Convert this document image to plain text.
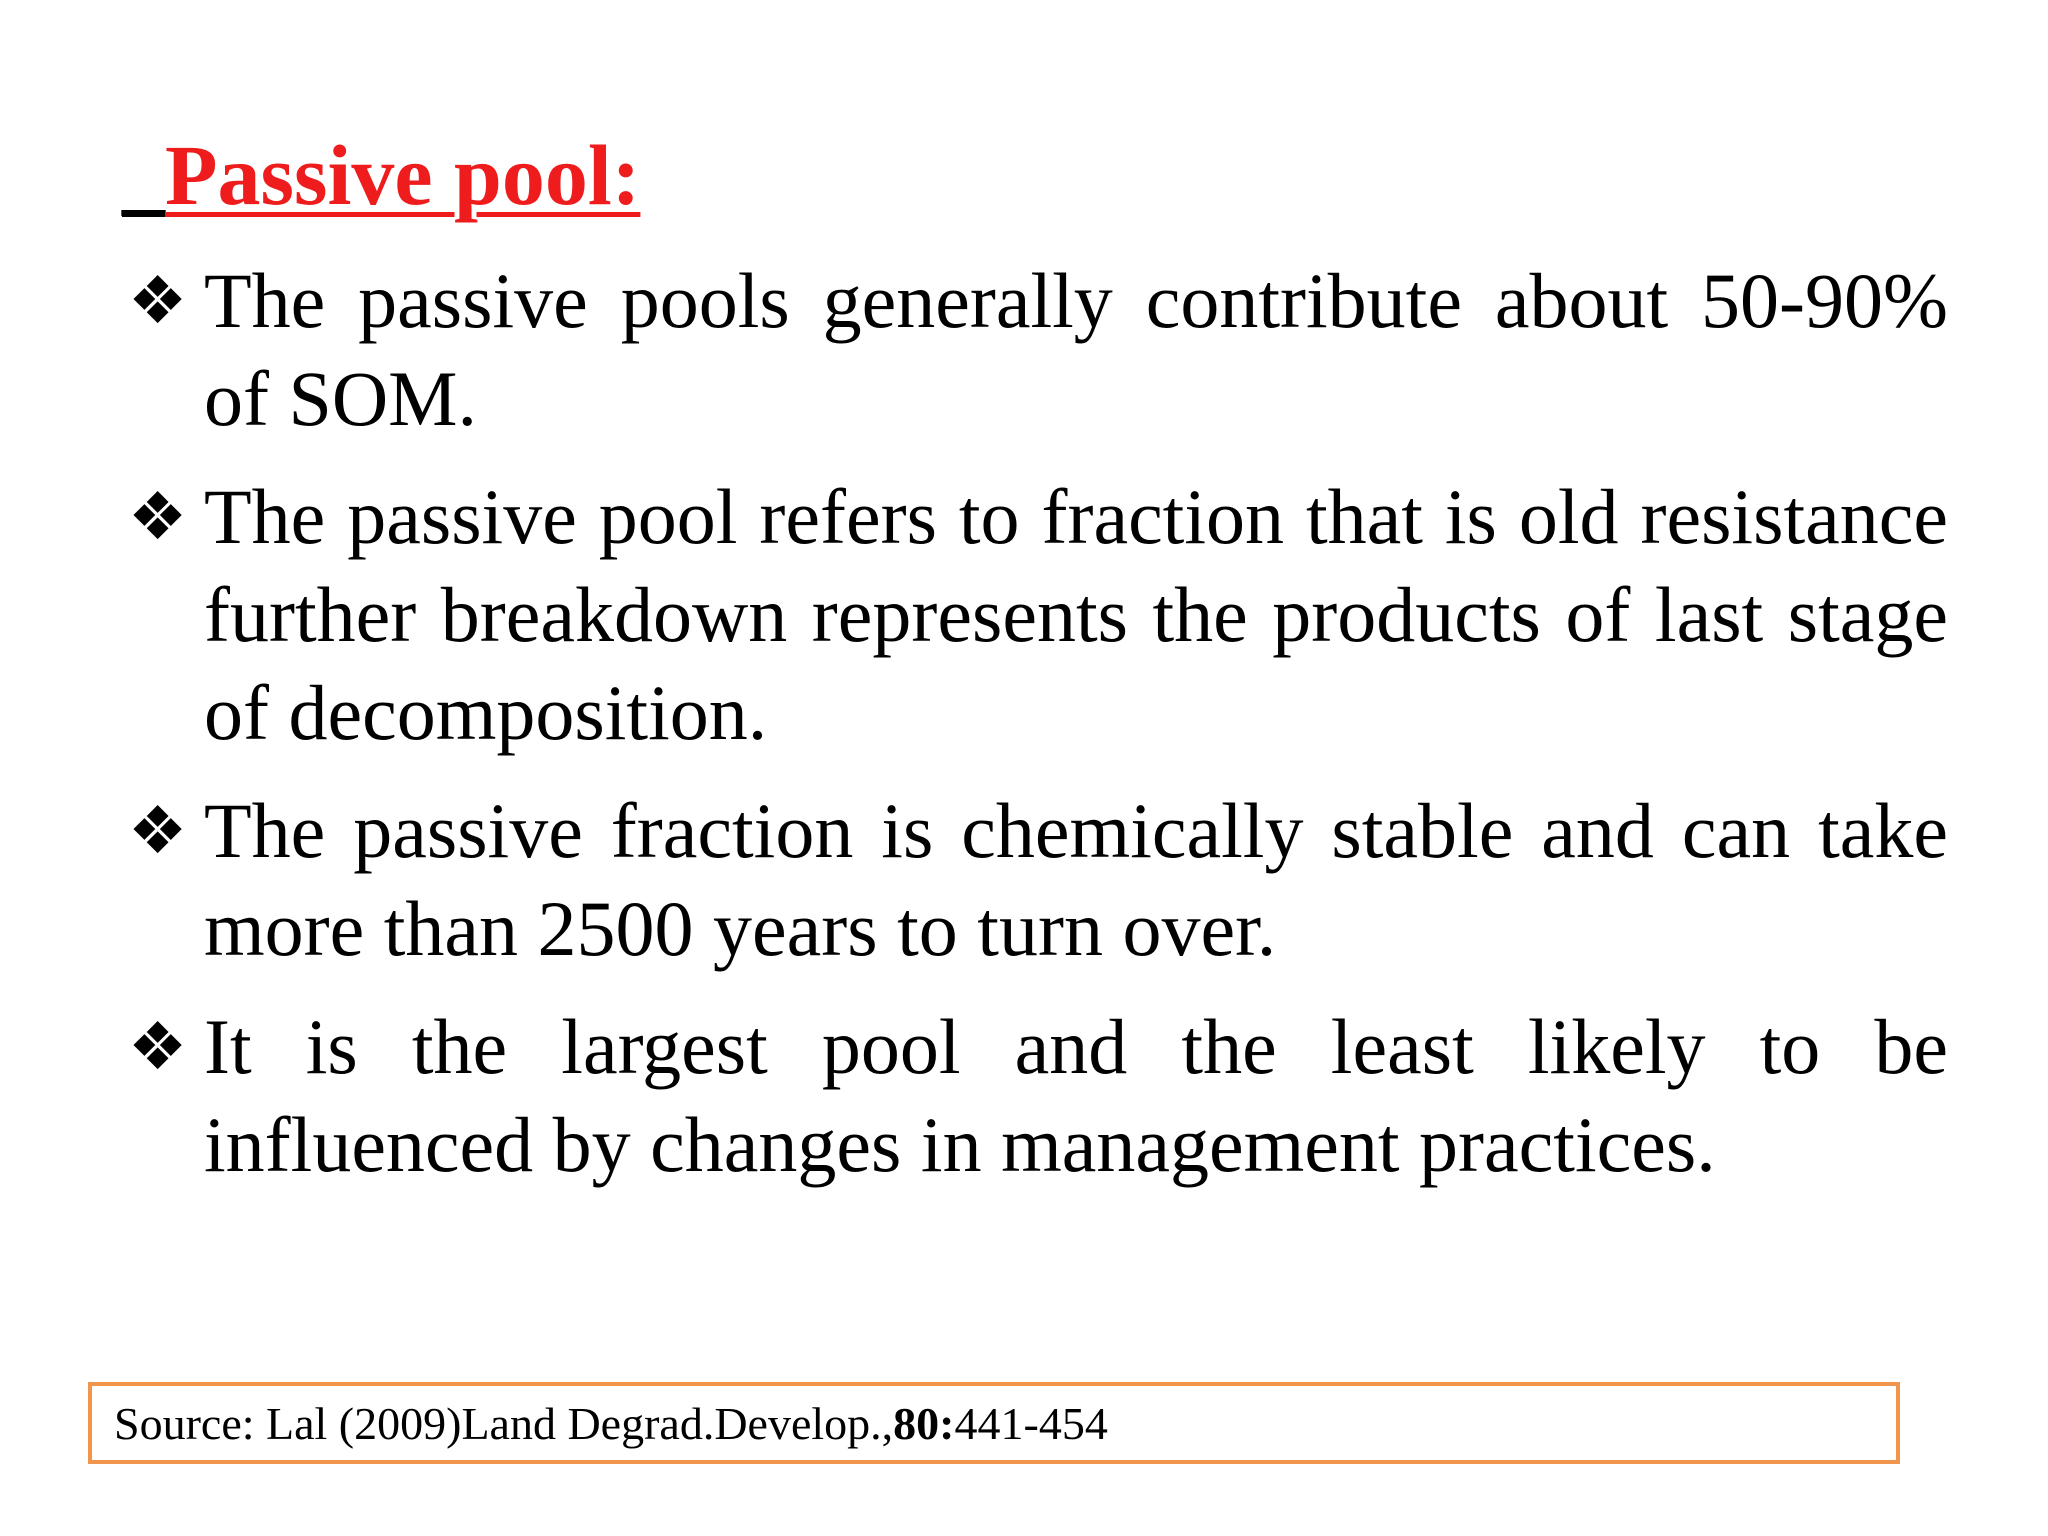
_Passive pool:
❖ The passive pools generally contribute about 50-90% of SOM.
❖ The passive pool refers to fraction that is old resistance further breakdown represents the products of last stage of decomposition.
❖ The passive fraction is chemically stable and can take more than 2500 years to turn over.
❖ It is the largest pool and the least likely to be influenced by changes in management practices.
Source: Lal (2009)Land Degrad.Develop.,80:441-454
